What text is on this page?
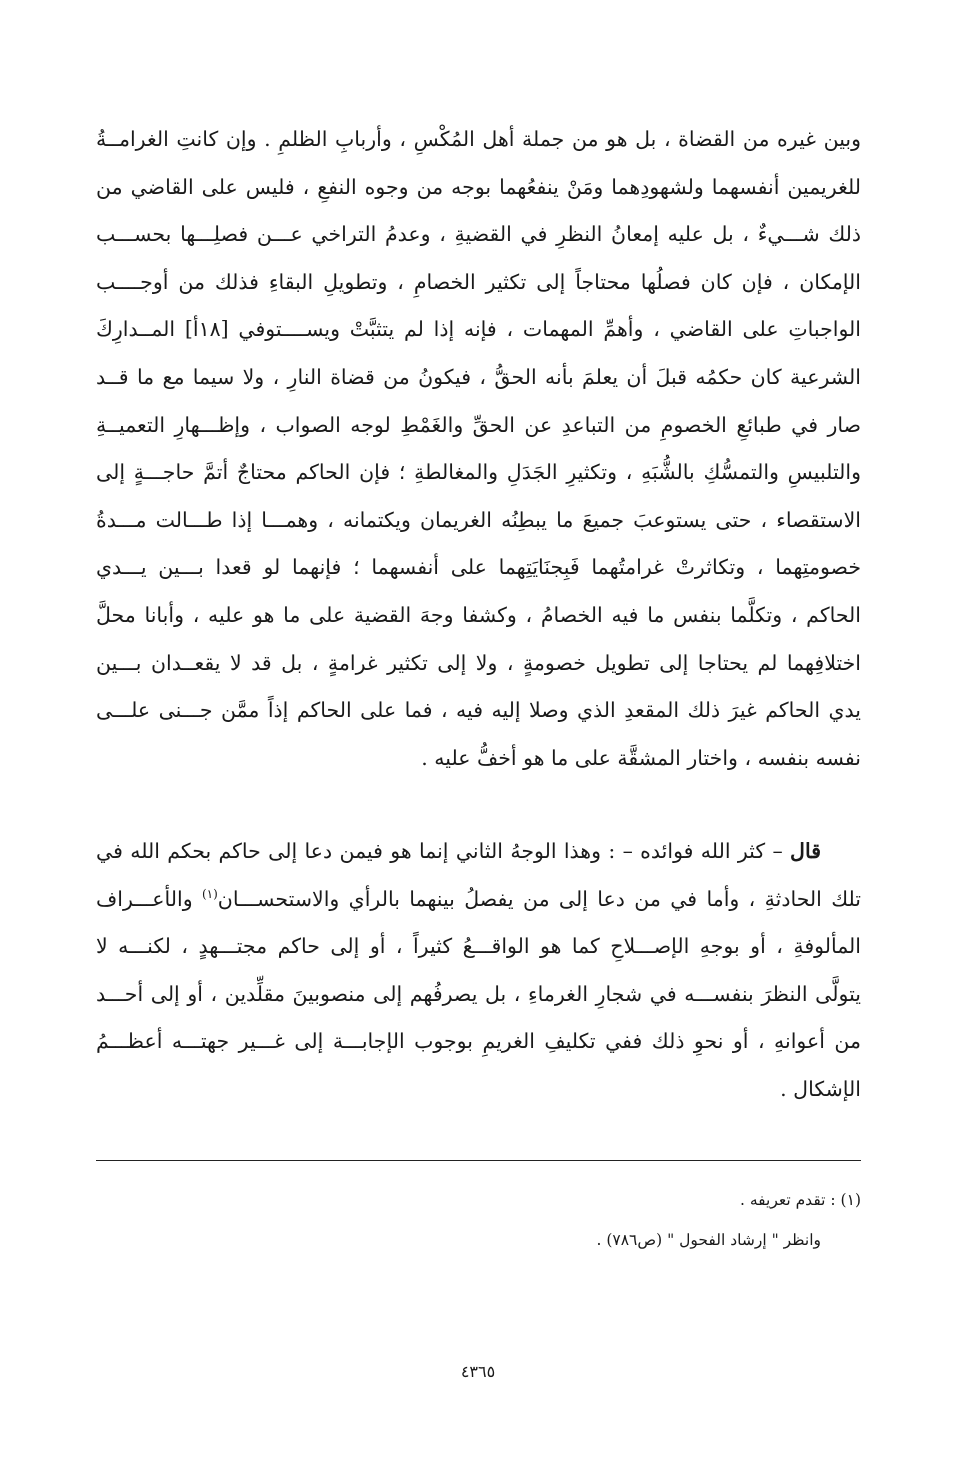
وبين غيره من القضاة ، بل هو من جملة أهل المُكْسِ ، وأربابِ الظلمِ . وإن كانتِ الغرامــةُ
للغريمين أنفسهما ولشهودِهما ومَنْ ينفعُهما بوجه من وجوه النفعِ ، فليس على القاضي من
ذلك شـــيءٌ ، بل عليه إمعانُ النظرِ في القضيةِ ، وعدمُ التراخي عـــن فصلِـــها بحســـب
الإمكان ، فإن كان فصلُها محتاجاً إلى تكثير الخصامِ ، وتطويلِ البقاءِ فذلك من أوجــــب
الواجباتِ على القاضي ، وأهمِّ المهمات ، فإنه إذا لم يتثبَّتْ ويســــتوفي [١٨أ] المــدارِكَ
الشرعية كان حكمُه قبلَ أن يعلمَ بأنه الحقُّ ، فيكونُ من قضاة النارِ ، ولا سيما مع ما قــد
صار في طبائعِ الخصومِ من التباعدِ عن الحقِّ والغَمْطِ لوجه الصواب ، وإظـــهارِ التعميــةِ
والتلبيسِ والتمسُّكِ بالشُّبَهِ ، وتكثيرِ الجَدَلِ والمغالطةِ ؛ فإن الحاكم محتاجٌ أتمَّ حاجـــةٍ إلى
الاستقصاء ، حتى يستوعبَ جميعَ ما يبطِنُه الغريمان ويكتمانه ، وهمـــا إذا طـــالت مـــدةُ
خصومتِهما ، وتكاثرتْ غرامتُهما فَبِجنَايَتِهما على أنفسهما ؛ فإنهما لو قعدا بـــين يـــدي
الحاكم ، وتكلَّما بنفس ما فيه الخصامُ ، وكشفا وجهَ القضية على ما هو عليه ، وأبانا محلَّ
اختلافِهما لم يحتاجا إلى تطويل خصومةٍ ، ولا إلى تكثير غرامةٍ ، بل قد لا يقعــدان بـــين
يدي الحاكم غيرَ ذلك المقعدِ الذي وصلا إليه فيه ، فما على الحاكم إذاً ممَّن جـــنى علـــى
نفسه بنفسه ، واختار المشقَّة على ما هو أخفُّ عليه .
قال – كثر الله فوائده – : وهذا الوجهُ الثاني إنما هو فيمن دعا إلى حاكم بحكم الله في
تلك الحادثةِ ، وأما في من دعا إلى من يفصلُ بينهما بالرأي والاستحســـان$^{(١)}$ والأعـــراف
المألوفةِ ، أو بوجهِ الإصـــلاحِ كما هو الواقـــعُ كثيراً ، أو إلى حاكم مجتـــهدٍ ، لكنـــه لا
يتولَّى النظرَ بنفســـه في شجارِ الغرماءِ ، بل يصرفُهم إلى منصوبينَ مقلِّدين ، أو إلى أحـــد
من أعوانهِ ، أو نحوِ ذلك ففي تكليفِ الغريمِ بوجوب الإجابـــة إلى غـــير جهتـــه أعظـــمُ
الإشكال .
(١) : تقدم تعريفه .
وانظر " إرشاد الفحول " (ص٧٨٦) .
٤٣٦٥
